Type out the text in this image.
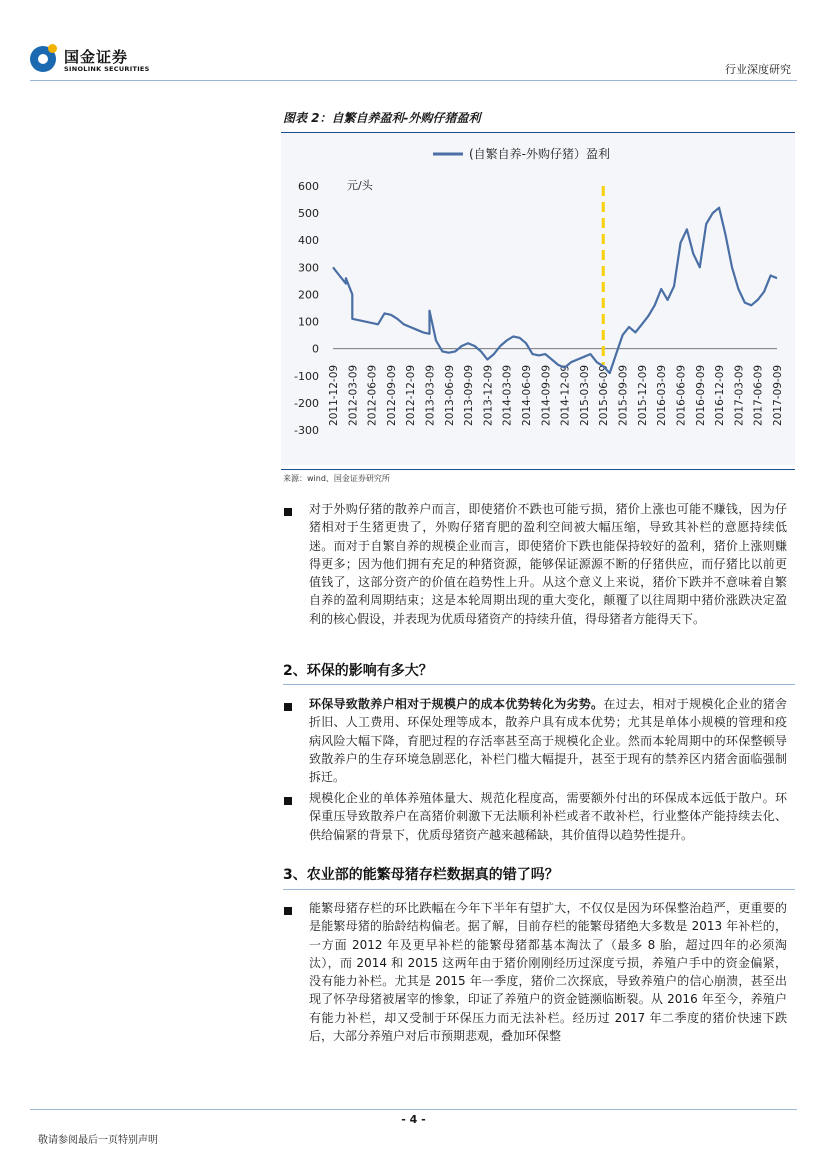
国金证券
SINOLINK SECURITIES	行业深度研究
图表 2：自繁自养盈利-外购仔猪盈利
600
500
400
300
200
100
0
-100
-200
-300
2011-12-09 2012-03-09 2012-06-09 2012-09-09 2012-12-09 2013-03-09 2013-06-09 2013-09-09 2013-12-09 2014-03-09 2014-06-09 2014-09-09 2014-12-09 2015-03-09 2015-06-09 2015-09-09 2015-12-09 2016-03-09 2016-06-09 2016-09-09 2016-12-09 2017-03-09 2017-06-09 2017-09-09
(自繁自养-外购仔猪）盈利
元/头
来源：wind、国金证券研究所
对于外购仔猪的散养户而言，即使猪价不跌也可能亏损，猪价上涨也可能不赚钱，因为仔猪相对于生猪更贵了，外购仔猪育肥的盈利空间被大幅压缩，导致其补栏的意愿持续低迷。而对于自繁自养的规模企业而言，即使猪价下跌也能保持较好的盈利，猪价上涨则赚得更多；因为他们拥有充足的种猪资源，能够保证源源不断的仔猪供应，而仔猪比以前更值钱了，这部分资产的价值在趋势性上升。从这个意义上来说，猪价下跌并不意味着自繁自养的盈利周期结束；这是本轮周期出现的重大变化，颠覆了以往周期中猪价涨跌决定盈利的核心假设，并表现为优质母猪资产的持续升值，得母猪者方能得天下。
2、环保的影响有多大？
环保导致散养户相对于规模户的成本优势转化为劣势。在过去，相对于规模化企业的猪舍折旧、人工费用、环保处理等成本，散养户具有成本优势；尤其是单体小规模的管理和疫病风险大幅下降，育肥过程的存活率甚至高于规模化企业。然而本轮周期中的环保整顿导致散养户的生存环境急剧恶化，补栏门槛大幅提升，甚至于现有的禁养区内猪舍面临强制拆迁。
规模化企业的单体养殖体量大、规范化程度高，需要额外付出的环保成本远低于散户。环保重压导致散养户在高猪价刺激下无法顺利补栏或者不敢补栏，行业整体产能持续去化、供给偏紧的背景下，优质母猪资产越来越稀缺，其价值得以趋势性提升。
3、农业部的能繁母猪存栏数据真的错了吗？
能繁母猪存栏的环比跌幅在今年下半年有望扩大，不仅仅是因为环保整治趋严，更重要的是能繁母猪的胎龄结构偏老。据了解，目前存栏的能繁母猪绝大多数是 2013 年补栏的，一方面 2012 年及更早补栏的能繁母猪都基本淘汰了（最多 8 胎，超过四年的必须淘汰），而 2014 和 2015 这两年由于猪价刚刚经历过深度亏损，养殖户手中的资金偏紧，没有能力补栏。尤其是 2015 年一季度，猪价二次探底，导致养殖户的信心崩溃，甚至出现了怀孕母猪被屠宰的惨象，印证了养殖户的资金链濒临断裂。从 2016 年至今，养殖户有能力补栏，却又受制于环保压力而无法补栏。经历过 2017 年二季度的猪价快速下跌后，大部分养殖户对后市预期悲观，叠加环保整
- 4 -
敬请参阅最后一页特别声明
